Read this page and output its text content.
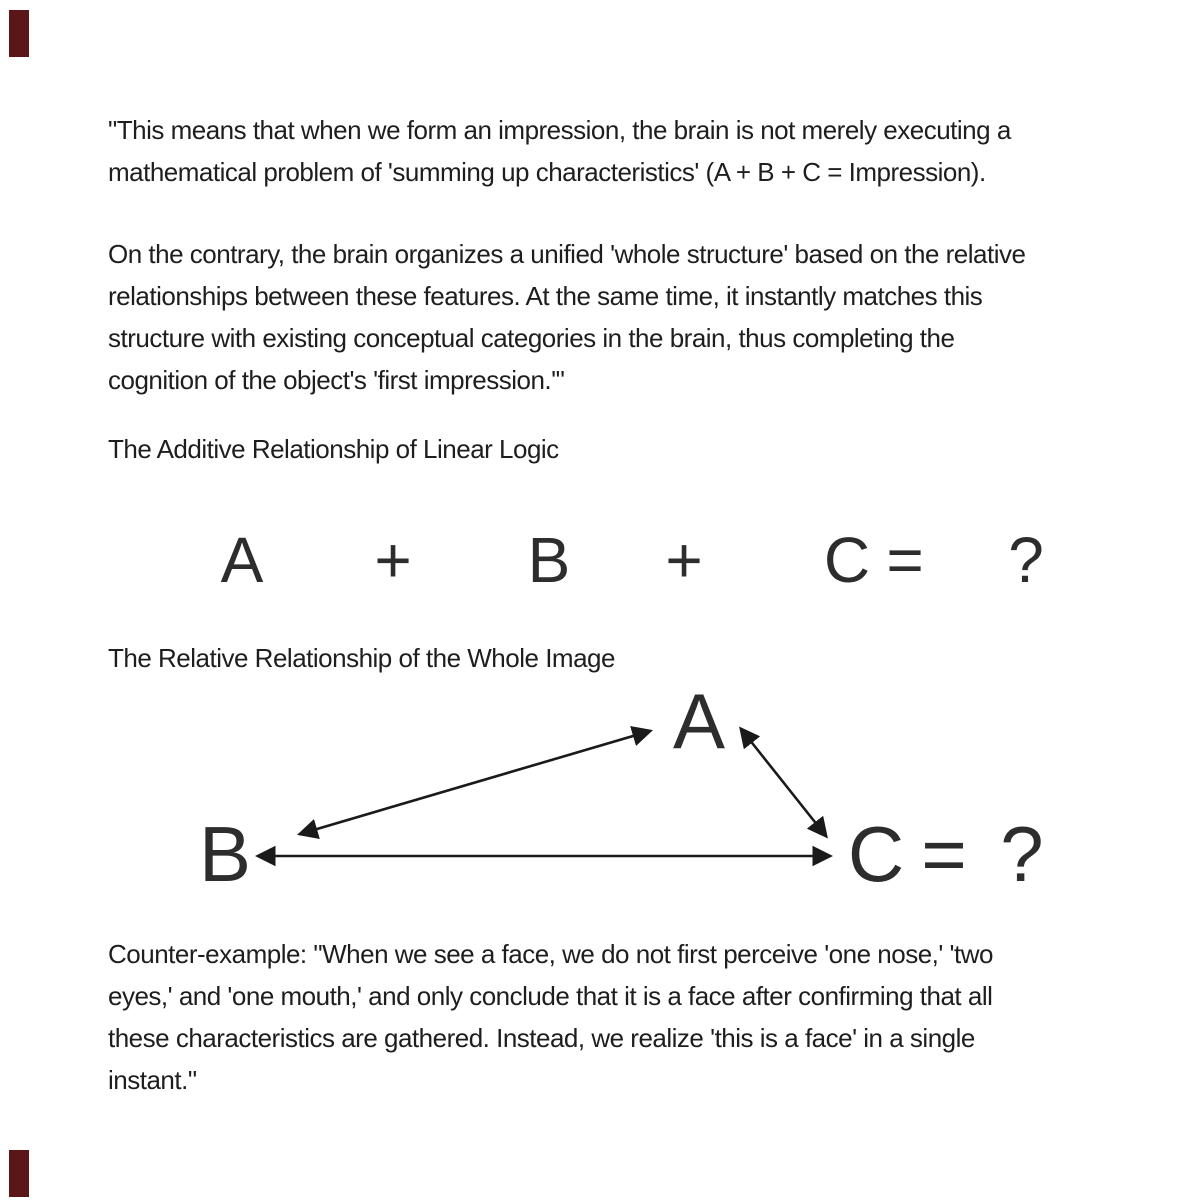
"This means that when we form an impression, the brain is not merely executing a
mathematical problem of 'summing up characteristics' (A + B + C = Impression).
On the contrary, the brain organizes a unified 'whole structure' based on the relative
relationships between these features. At the same time, it instantly matches this
structure with existing conceptual categories in the brain, thus completing the
cognition of the object's 'first impression.'"
The Additive Relationship of Linear Logic
A + B + C = ?
The Relative Relationship of the Whole Image
A
B	C = ?
Counter-example: "When we see a face, we do not first perceive 'one nose,' 'two
eyes,' and 'one mouth,' and only conclude that it is a face after confirming that all
these characteristics are gathered. Instead, we realize 'this is a face' in a single
instant."
